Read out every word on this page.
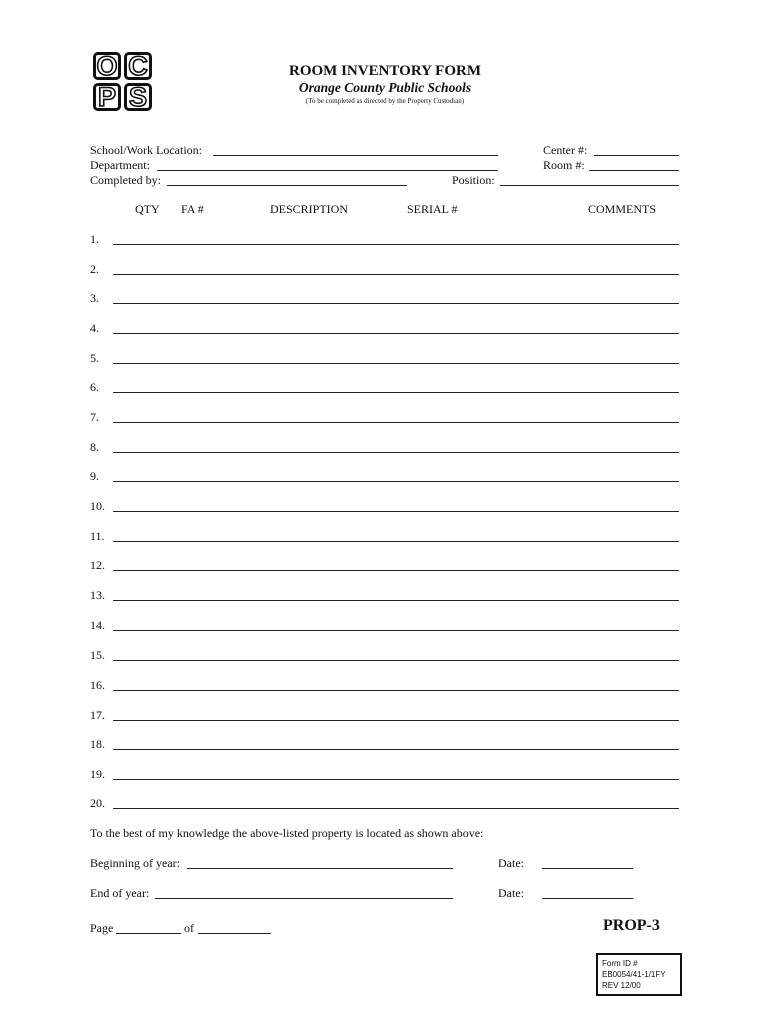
O C
P S
ROOM INVENTORY FORM
Orange County Public Schools
(To be completed as directed by the Property Custodian)
School/Work Location:
Department:
Completed by:
Center #:
Room #:
Position:
QTY FA #	DESCRIPTION	SERIAL #	COMMENTS
1.
2.
3.
4.
5.
6.
7.
8.
9.
10.
11.
12.
13.
14.
15.
16.
17.
18.
19.
20.
To the best of my knowledge the above-listed property is located as shown above:
Beginning of year:	Date:
End of year:	Date:
Page	of	PROP-3
Form ID #
EB0054/41-1/1FY
REV 12/00
